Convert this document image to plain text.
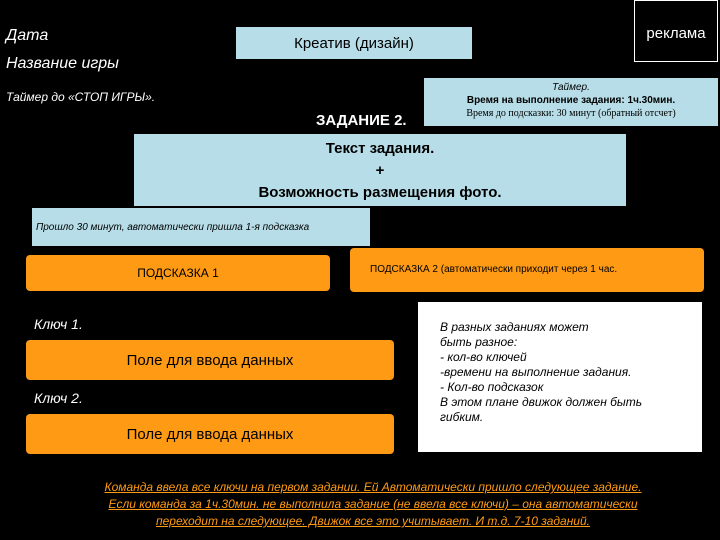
Дата
Название игры
Таймер до «СТОП ИГРЫ».
Креатив (дизайн)
реклама
Таймер.
Время на выполнение задания: 1ч.30мин.
Время до подсказки: 30 минут (обратный отсчет)
ЗАДАНИЕ 2.
Текст задания.
+
Возможность размещения фото.
Прошло 30 минут, автоматически пришла 1-я подсказка
ПОДСКАЗКА 1	ПОДСКАЗКА 2 (автоматически приходит через 1 час.
Ключ 1.
Поле для ввода данных
Ключ 2.
Поле для ввода данных
В разных заданиях может
быть разное:
- кол-во ключей
-времени на выполнение задания.
- Кол-во подсказок
В этом плане движок должен быть
гибким.
Команда ввела все ключи на первом задании. Ей Автоматически пришло следующее задание.
Если команда за 1ч.30мин. не выполнила задание (не ввела все ключи) – она автоматически
переходит на следующее. Движок все это учитывает. И т.д. 7-10 заданий.
